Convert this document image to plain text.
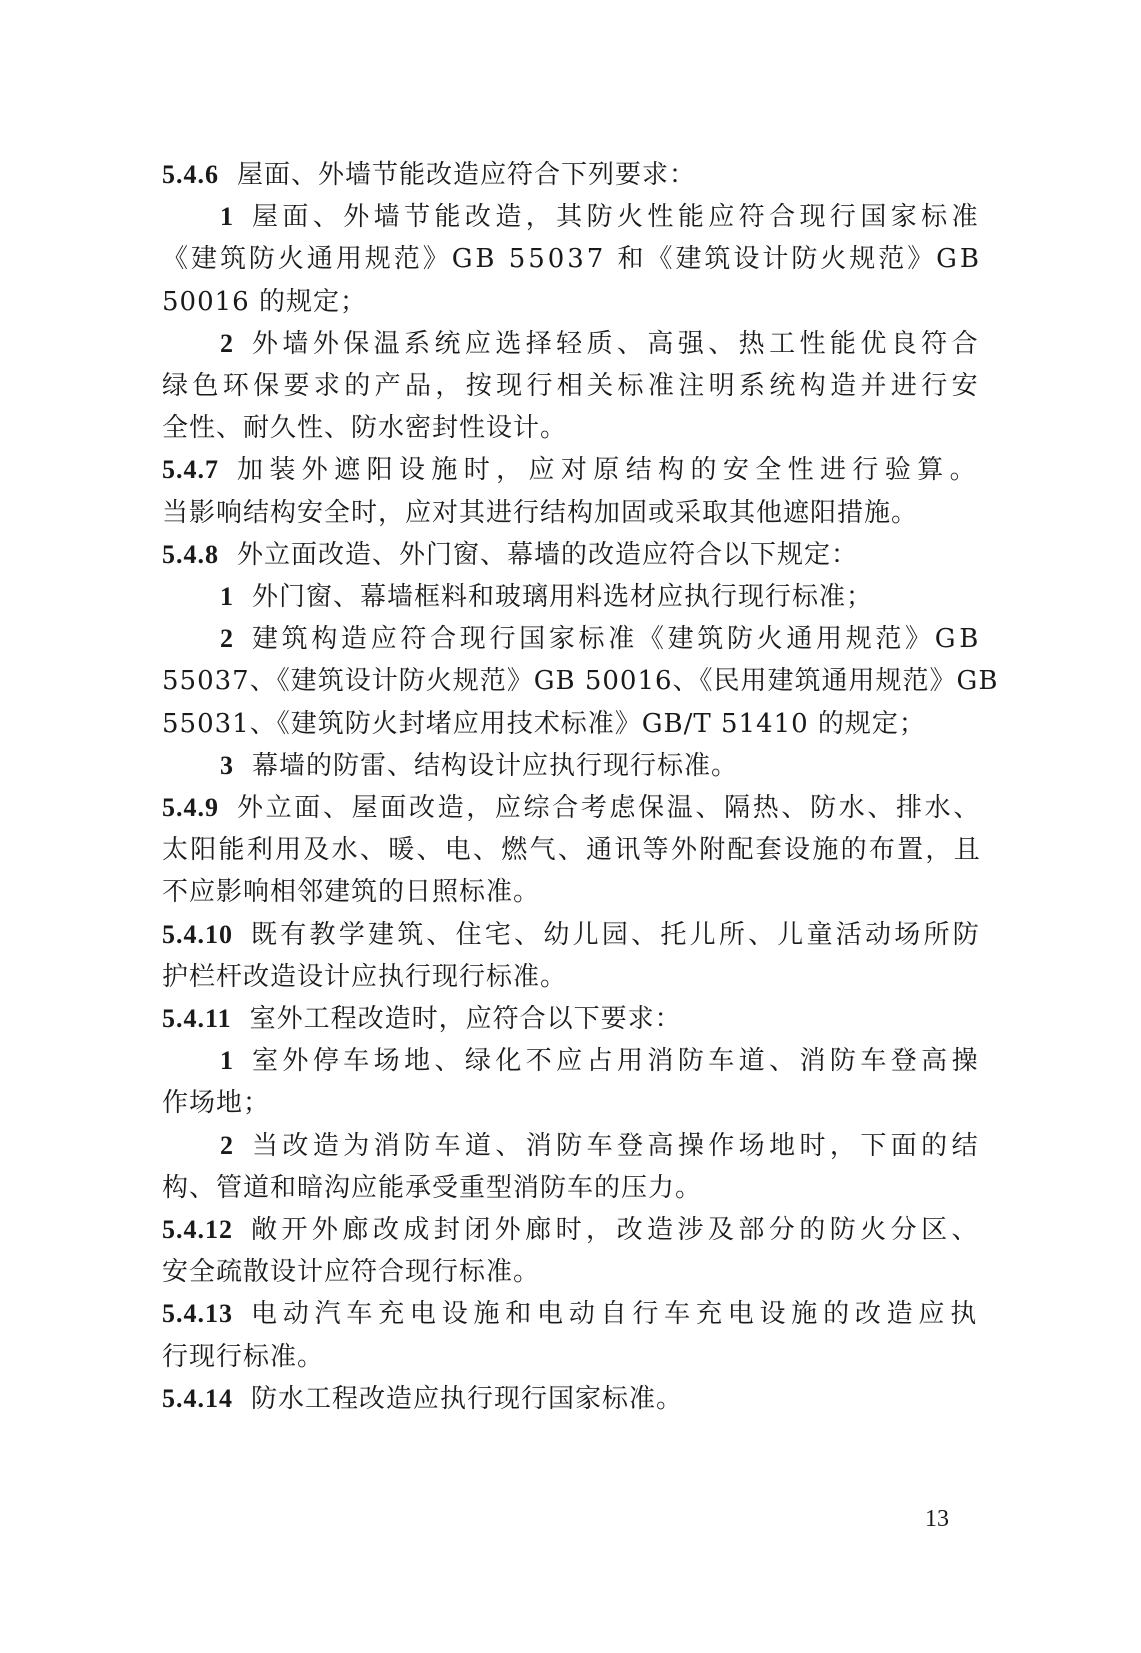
5.4.6 屋面、外墙节能改造应符合下列要求：
1 屋面、外墙节能改造，其防火性能应符合现行国家标准
《建筑防火通用规范》GB 55037 和《建筑设计防火规范》GB
50016 的规定；
2 外墙外保温系统应选择轻质、高强、热工性能优良符合
绿色环保要求的产品，按现行相关标准注明系统构造并进行安
全性、耐久性、防水密封性设计。
5.4.7 加装外遮阳设施时，应对原结构的安全性进行验算。
当影响结构安全时，应对其进行结构加固或采取其他遮阳措施。
5.4.8 外立面改造、外门窗、幕墙的改造应符合以下规定：
1 外门窗、幕墙框料和玻璃用料选材应执行现行标准；
2 建筑构造应符合现行国家标准《建筑防火通用规范》GB
55037、《建筑设计防火规范》GB 50016、《民用建筑通用规范》GB
55031、《建筑防火封堵应用技术标准》GB/T 51410 的规定；
3 幕墙的防雷、结构设计应执行现行标准。
5.4.9 外立面、屋面改造，应综合考虑保温、隔热、防水、排水、
太阳能利用及水、暖、电、燃气、通讯等外附配套设施的布置，且
不应影响相邻建筑的日照标准。
5.4.10 既有教学建筑、住宅、幼儿园、托儿所、儿童活动场所防
护栏杆改造设计应执行现行标准。
5.4.11 室外工程改造时，应符合以下要求：
1 室外停车场地、绿化不应占用消防车道、消防车登高操
作场地；
2 当改造为消防车道、消防车登高操作场地时，下面的结
构、管道和暗沟应能承受重型消防车的压力。
5.4.12 敞开外廊改成封闭外廊时，改造涉及部分的防火分区、
安全疏散设计应符合现行标准。
5.4.13 电动汽车充电设施和电动自行车充电设施的改造应执
行现行标准。
5.4.14 防水工程改造应执行现行国家标准。
13
